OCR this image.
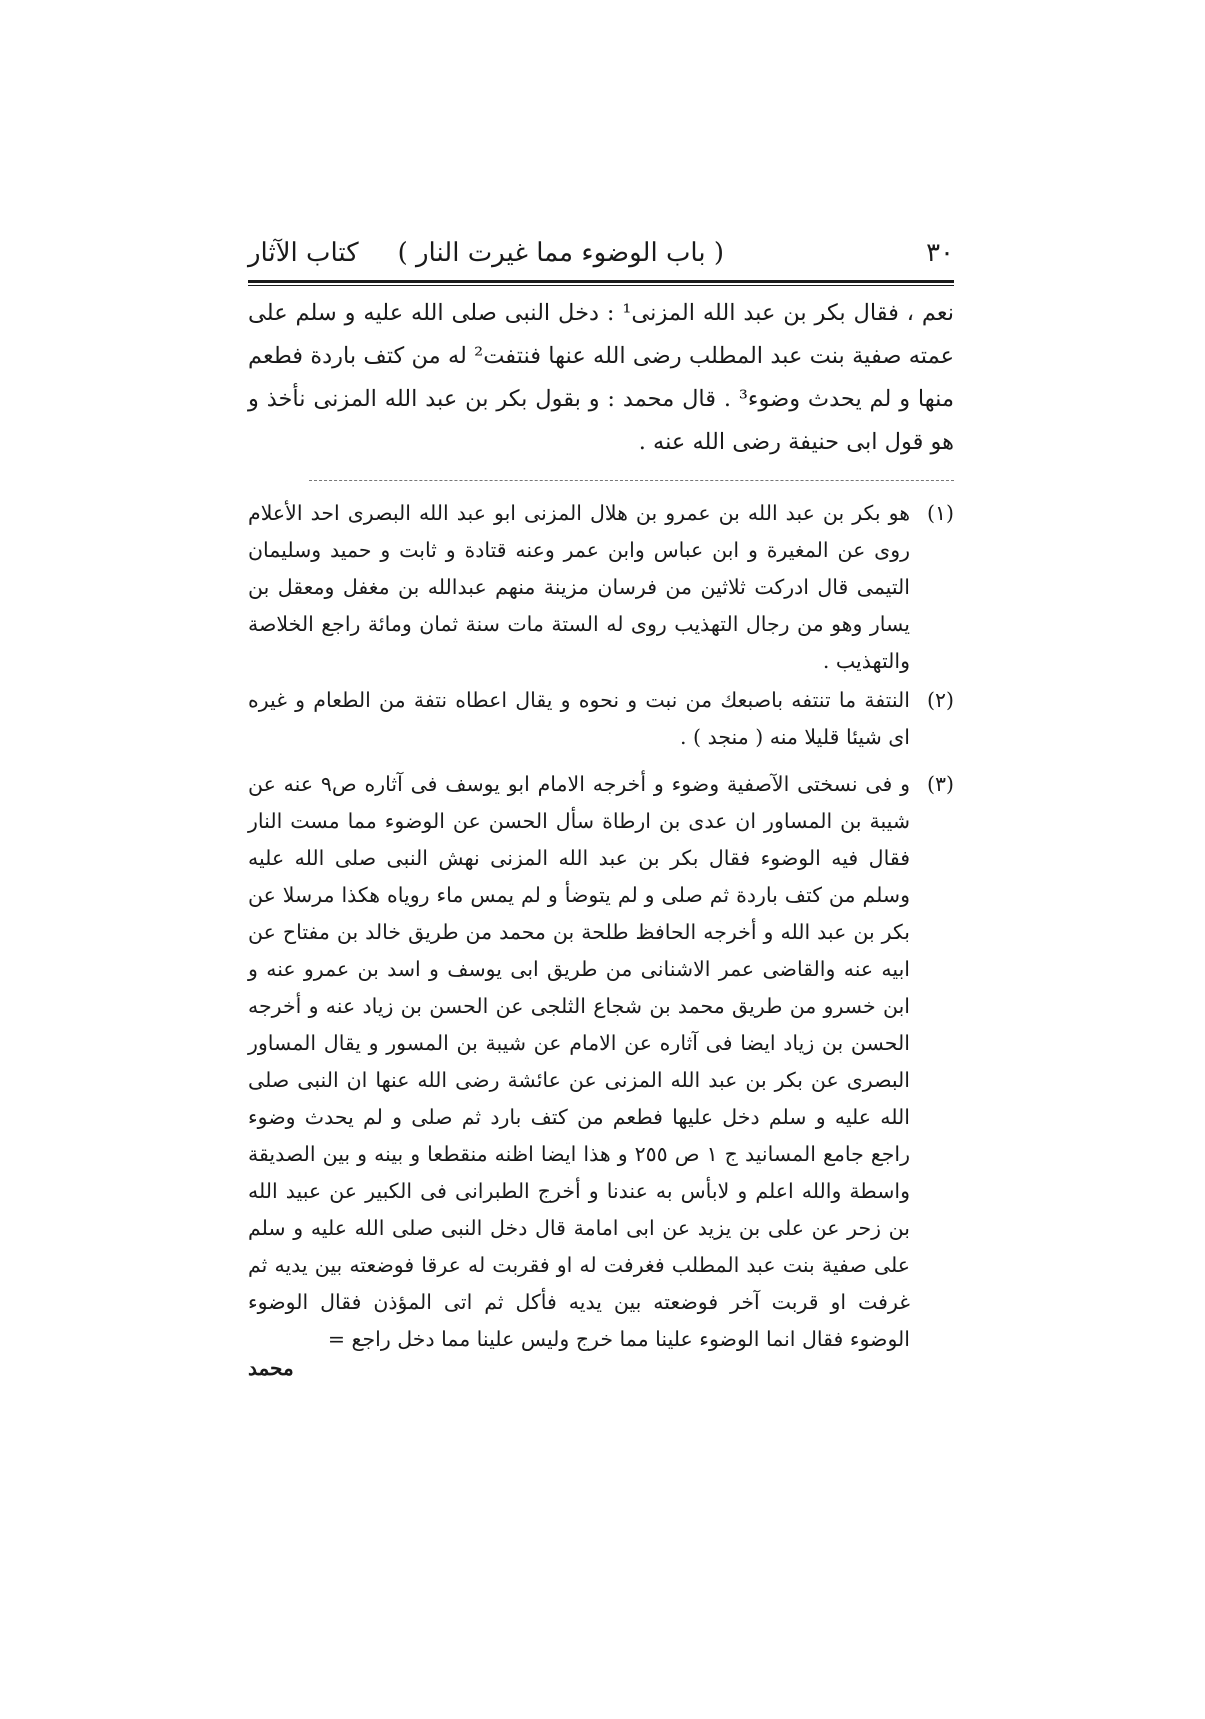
٣٠
( باب الوضوء مما غيرت النار )
كتاب الآثار
نعم ، فقال بكر بن عبد الله المزنى¹ : دخل النبى صلى الله عليه و سلم على عمته صفية بنت عبد المطلب رضى الله عنها فنتفت² له من كتف باردة فطعم منها و لم يحدث وضوء³ . قال محمد : و بقول بكر بن عبد الله المزنى نأخذ و هو قول ابى حنيفة رضى الله عنه .
(١)
هو بكر بن عبد الله بن عمرو بن هلال المزنى ابو عبد الله البصرى احد الأعلام روى عن المغيرة و ابن عباس وابن عمر وعنه قتادة و ثابت و حميد وسليمان التيمى قال ادركت ثلاثين من فرسان مزينة منهم عبدالله بن مغفل ومعقل بن يسار وهو من رجال التهذيب روى له الستة مات سنة ثمان ومائة راجع الخلاصة والتهذيب .
(٢)
النتفة ما تنتفه باصبعك من نبت و نحوه و يقال اعطاه نتفة من الطعام و غيره اى شيئا قليلا منه ( منجد ) .
(٣)
و فى نسختى الآصفية وضوء و أخرجه الامام ابو يوسف فى آثاره ص٩ عنه عن شيبة بن المساور ان عدى بن ارطاة سأل الحسن عن الوضوء مما مست النار فقال فيه الوضوء فقال بكر بن عبد الله المزنى نهش النبى صلى الله عليه وسلم من كتف باردة ثم صلى و لم يتوضأ و لم يمس ماء روياه هكذا مرسلا عن بكر بن عبد الله و أخرجه الحافظ طلحة بن محمد من طريق خالد بن مفتاح عن ابيه عنه والقاضى عمر الاشنانى من طريق ابى يوسف و اسد بن عمرو عنه و ابن خسرو من طريق محمد بن شجاع الثلجى عن الحسن بن زياد عنه و أخرجه الحسن بن زياد ايضا فى آثاره عن الامام عن شيبة بن المسور و يقال المساور البصرى عن بكر بن عبد الله المزنى عن عائشة رضى الله عنها ان النبى صلى الله عليه و سلم دخل عليها فطعم من كتف بارد ثم صلى و لم يحدث وضوء راجع جامع المسانيد ج ١ ص ٢٥٥ و هذا ايضا اظنه منقطعا و بينه و بين الصديقة واسطة والله اعلم و لابأس به عندنا و أخرج الطبرانى فى الكبير عن عبيد الله بن زحر عن على بن يزيد عن ابى امامة قال دخل النبى صلى الله عليه و سلم على صفية بنت عبد المطلب فغرفت له او فقربت له عرقا فوضعته بين يديه ثم غرفت او قربت آخر فوضعته بين يديه فأكل ثم اتى المؤذن فقال الوضوء الوضوء فقال انما الوضوء علينا مما خرج وليس علينا مما دخل راجع =
محمد
